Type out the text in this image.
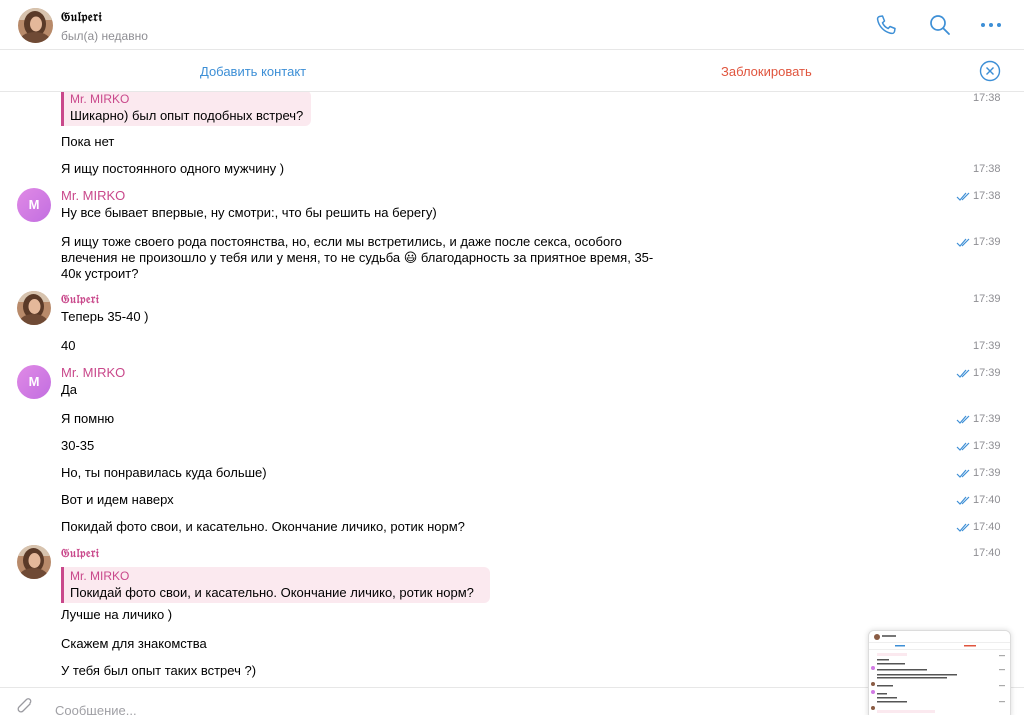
𝔊𝔲𝔩𝔭𝔢𝔯𝔦
был(а) недавно
Добавить контакт	Заблокировать
Mr. MIRKO
Шикарно) был опыт подобных встреч?
17:38
Пока нет
Я ищу постоянного одного мужчину )	17:38
M
Mr. MIRKO
Ну все бывает впервые, ну смотри:, что бы решить на берегу)
17:38
Я ищу тоже своего рода постоянства, но, если мы встретились, и даже после секса, особого влечения не произошло у тебя или у меня, то не судьба 😃 благодарность за приятное время, 35-40к устроит?
17:39
𝔊𝔲𝔩𝔭𝔢𝔯𝔦
Теперь 35-40 )
17:39
40	17:39
M
Mr. MIRKO
Да
17:39
Я помню	17:39
30-35	17:39
Но, ты понравилась куда больше)	17:39
Вот и идем наверх	17:40
Покидай фото свои, и касательно. Окончание личико, ротик норм?	17:40
𝔊𝔲𝔩𝔭𝔢𝔯𝔦	17:40
Mr. MIRKO
Покидай фото свои, и касательно. Окончание личико, ротик норм?
Лучше на личико )
Скажем для знакомства
У тебя был опыт таких встреч ?)
Сообщение...
